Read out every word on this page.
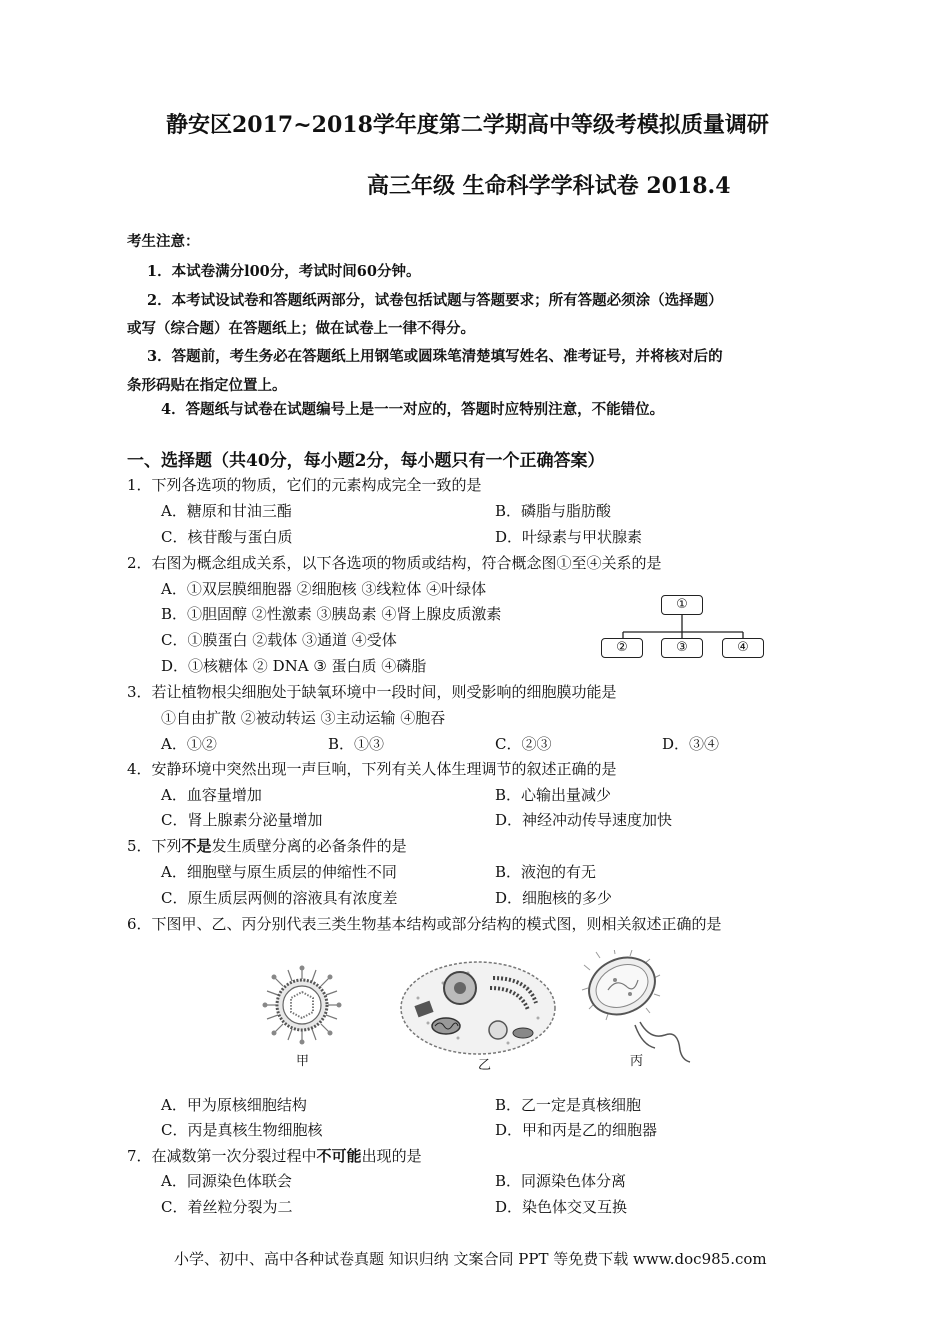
静安区2017~2018学年度第二学期高中等级考模拟质量调研
高三年级 生命科学学科试卷 2018.4
考生注意：
1．本试卷满分l00分，考试时间60分钟。
2．本考试设试卷和答题纸两部分，试卷包括试题与答题要求；所有答题必须涂（选择题）
或写（综合题）在答题纸上；做在试卷上一律不得分。
3．答题前，考生务必在答题纸上用钢笔或圆珠笔清楚填写姓名、准考证号，并将核对后的
条形码贴在指定位置上。
4．答题纸与试卷在试题编号上是一一对应的，答题时应特别注意，不能错位。
一、选择题（共40分，每小题2分，每小题只有一个正确答案）
1．下列各选项的物质，它们的元素构成完全一致的是
A．糖原和甘油三酯	B．磷脂与脂肪酸
C．核苷酸与蛋白质	D．叶绿素与甲状腺素
2．右图为概念组成关系，以下各选项的物质或结构，符合概念图①至④关系的是
A．①双层膜细胞器 ②细胞核 ③线粒体 ④叶绿体
B．①胆固醇 ②性激素 ③胰岛素 ④肾上腺皮质激素
C．①膜蛋白 ②载体 ③通道 ④受体
D．①核糖体 ② DNA ③ 蛋白质 ④磷脂
①
②	③	④
3．若让植物根尖细胞处于缺氧环境中一段时间，则受影响的细胞膜功能是
①自由扩散 ②被动转运 ③主动运输 ④胞吞
A．①②	B．①③	C．②③	D．③④
4．安静环境中突然出现一声巨响，下列有关人体生理调节的叙述正确的是
A．血容量增加	B．心输出量减少
C．肾上腺素分泌量增加	D．神经冲动传导速度加快
5．下列不是发生质壁分离的必备条件的是
A．细胞壁与原生质层的伸缩性不同	B．液泡的有无
C．原生质层两侧的溶液具有浓度差	D．细胞核的多少
6．下图甲、乙、丙分别代表三类生物基本结构或部分结构的模式图，则相关叙述正确的是
甲	乙	丙
A．甲为原核细胞结构	B．乙一定是真核细胞
C．丙是真核生物细胞核	D．甲和丙是乙的细胞器
7．在减数第一次分裂过程中不可能出现的是
A．同源染色体联会	B．同源染色体分离
C．着丝粒分裂为二	D．染色体交叉互换
小学、初中、高中各种试卷真题 知识归纳 文案合同 PPT 等免费下载 www.doc985.com
